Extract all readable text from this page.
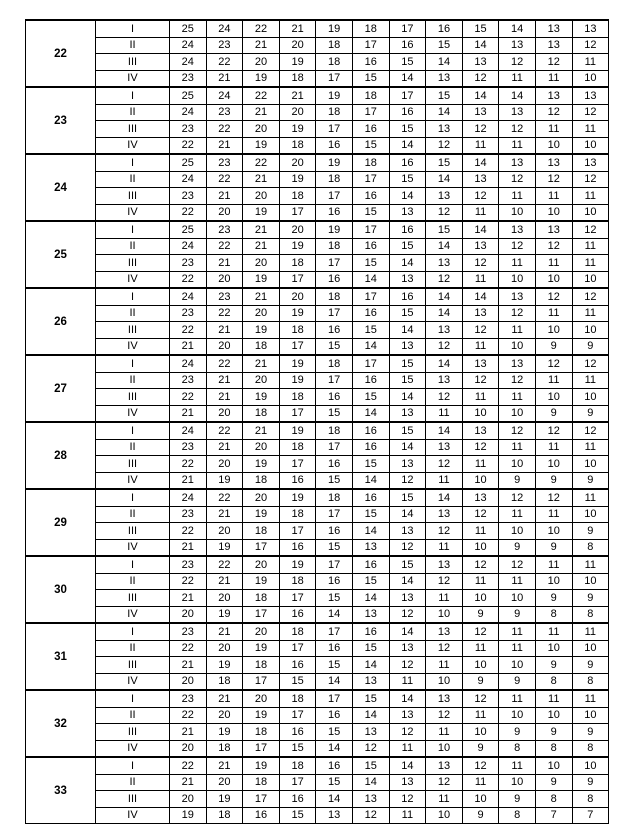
22	I	25	24	22	21	19	18	17	16	15	14	13	13
	II	24	23	21	20	18	17	16	15	14	13	13	12
	III	24	22	20	19	18	16	15	14	13	12	12	11
	IV	23	21	19	18	17	15	14	13	12	11	11	10
23	I	25	24	22	21	19	18	17	15	14	14	13	13
	II	24	23	21	20	18	17	16	14	13	13	12	12
	III	23	22	20	19	17	16	15	13	12	12	11	11
	IV	22	21	19	18	16	15	14	12	11	11	10	10
24	I	25	23	22	20	19	18	16	15	14	13	13	13
	II	24	22	21	19	18	17	15	14	13	12	12	12
	III	23	21	20	18	17	16	14	13	12	11	11	11
	IV	22	20	19	17	16	15	13	12	11	10	10	10
25	I	25	23	21	20	19	17	16	15	14	13	13	12
	II	24	22	21	19	18	16	15	14	13	12	12	11
	III	23	21	20	18	17	15	14	13	12	11	11	11
	IV	22	20	19	17	16	14	13	12	11	10	10	10
26	I	24	23	21	20	18	17	16	14	14	13	12	12
	II	23	22	20	19	17	16	15	14	13	12	11	11
	III	22	21	19	18	16	15	14	13	12	11	10	10
	IV	21	20	18	17	15	14	13	12	11	10	9	9
27	I	24	22	21	19	18	17	15	14	13	13	12	12
	II	23	21	20	19	17	16	15	13	12	12	11	11
	III	22	21	19	18	16	15	14	12	11	11	10	10
	IV	21	20	18	17	15	14	13	11	10	10	9	9
28	I	24	22	21	19	18	16	15	14	13	12	12	12
	II	23	21	20	18	17	16	14	13	12	11	11	11
	III	22	20	19	17	16	15	13	12	11	10	10	10
	IV	21	19	18	16	15	14	12	11	10	9	9	9
29	I	24	22	20	19	18	16	15	14	13	12	12	11
	II	23	21	19	18	17	15	14	13	12	11	11	10
	III	22	20	18	17	16	14	13	12	11	10	10	9
	IV	21	19	17	16	15	13	12	11	10	9	9	8
30	I	23	22	20	19	17	16	15	13	12	12	11	11
	II	22	21	19	18	16	15	14	12	11	11	10	10
	III	21	20	18	17	15	14	13	11	10	10	9	9
	IV	20	19	17	16	14	13	12	10	9	9	8	8
31	I	23	21	20	18	17	16	14	13	12	11	11	11
	II	22	20	19	17	16	15	13	12	11	11	10	10
	III	21	19	18	16	15	14	12	11	10	10	9	9
	IV	20	18	17	15	14	13	11	10	9	9	8	8
32	I	23	21	20	18	17	15	14	13	12	11	11	11
	II	22	20	19	17	16	14	13	12	11	10	10	10
	III	21	19	18	16	15	13	12	11	10	9	9	9
	IV	20	18	17	15	14	12	11	10	9	8	8	8
33	I	22	21	19	18	16	15	14	13	12	11	10	10
	II	21	20	18	17	15	14	13	12	11	10	9	9
	III	20	19	17	16	14	13	12	11	10	9	8	8
	IV	19	18	16	15	13	12	11	10	9	8	7	7
